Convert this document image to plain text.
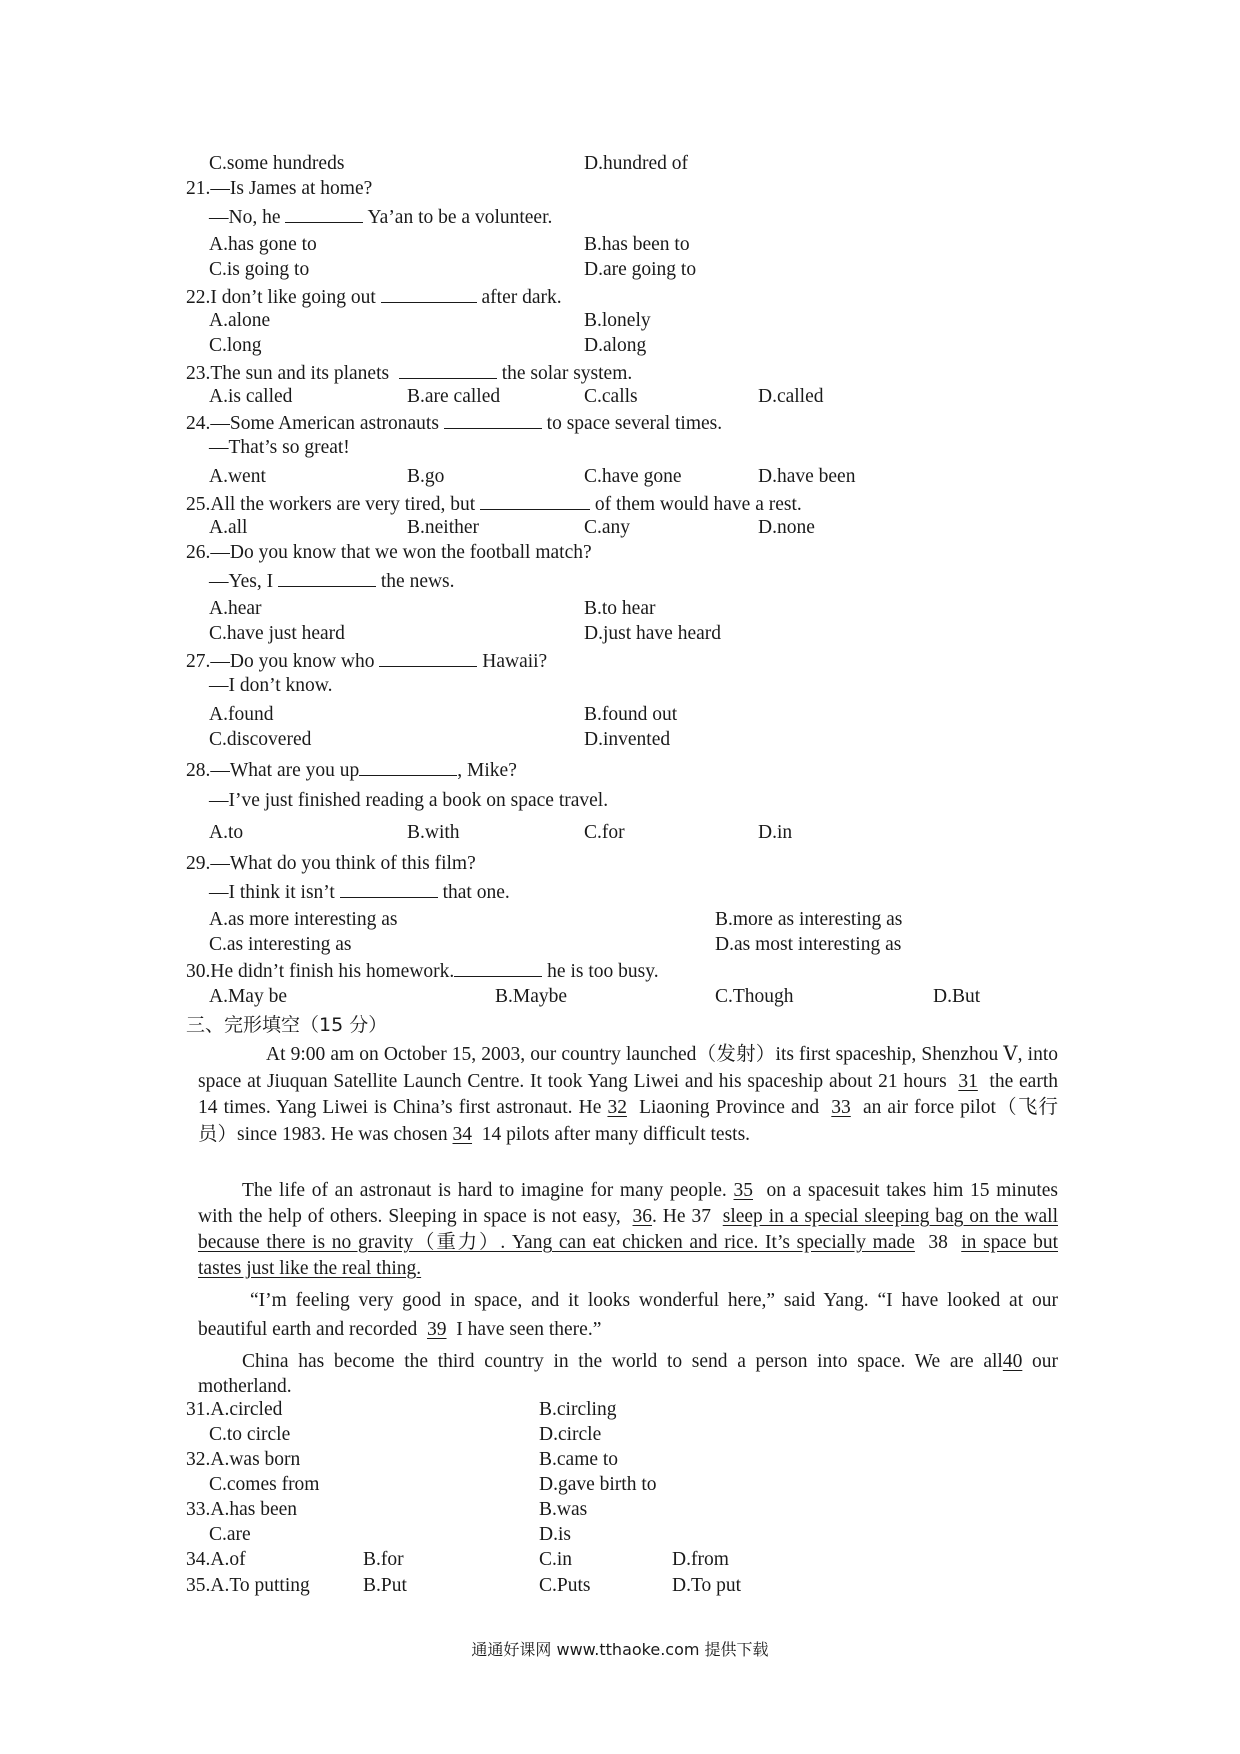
C.some hundreds	D.hundred of
21.—Is James at home?
—No, he	Ya’an to be a volunteer.
A.has gone to	B.has been to
C.is going to	D.are going to
22.I don’t like going out	after dark.
A.alone	B.lonely
C.long	D.along
23.The sun and its planets	the solar system.
A.is called	B.are called	C.calls	D.called
24.—Some American astronauts	to space several times.
—That’s so great!
A.went	B.go	C.have gone	D.have been
25.All the workers are very tired, but	of them would have a rest.
A.all	B.neither	C.any	D.none
26.—Do you know that we won the football match?
—Yes, I	the news.
A.hear	B.to hear
C.have just heard	D.just have heard
27.—Do you know who	Hawaii?
—I don’t know.
A.found	B.found out
C.discovered	D.invented
28.—What are you up	, Mike?
—I’ve just finished reading a book on space travel.
A.to	B.with	C.for	D.in
29.—What do you think of this film?
—I think it isn’t	that one.
A.as more interesting as	B.more as interesting as
C.as interesting as	D.as most interesting as
30.He didn’t finish his homework.	he is too busy.
A.May be	B.Maybe	C.Though	D.But
三、完形填空（15 分）
At 9:00 am on October 15, 2003, our country launched（发射）its first spaceship, Shenzhou Ⅴ, into space at Jiuquan Satellite Launch Centre. It took Yang Liwei and his spaceship about 21 hours 31 the earth 14 times. Yang Liwei is China’s first astronaut. He 32 Liaoning Province and 33 an air force pilot（飞行员）since 1983. He was chosen 34 14 pilots after many difficult tests.
The life of an astronaut is hard to imagine for many people. 35 on a spacesuit takes him 15 minutes with the help of others. Sleeping in space is not easy, 36. He 37 sleep in a special sleeping bag on the wall because there is no gravity（重力）. Yang can eat chicken and rice. It’s specially made 38 in space but tastes just like the real thing.
“I’m feeling very good in space, and it looks wonderful here,” said Yang. “I have looked at our beautiful earth and recorded 39 I have seen there.”
China has become the third country in the world to send a person into space. We are all40 our motherland.
31.A.circled	B.circling
C.to circle	D.circle
32.A.was born	B.came to
C.comes from	D.gave birth to
33.A.has been	B.was
C.are	D.is
34.A.of	B.for	C.in	D.from
35.A.To putting	B.Put	C.Puts	D.To put
通通好课网 www.tthaoke.com 提供下载
